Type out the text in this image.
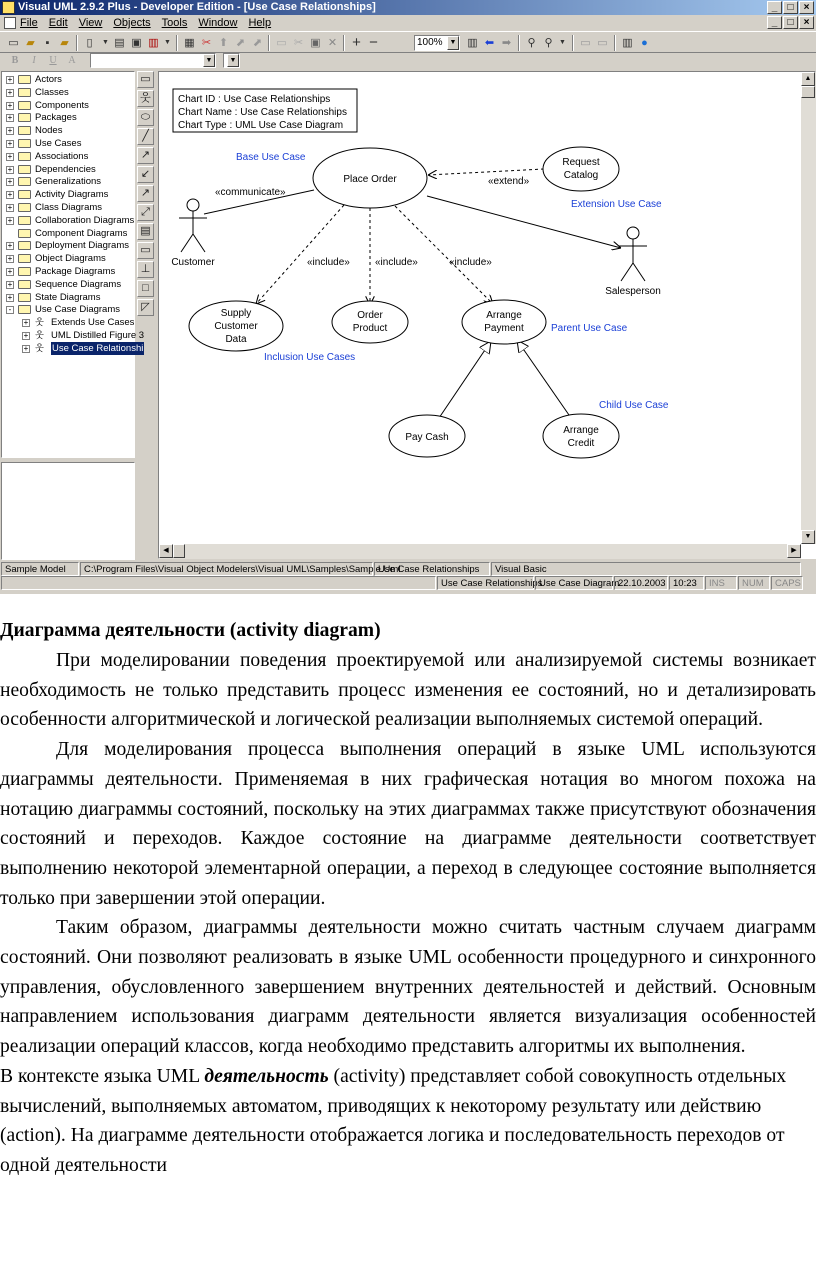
Visual UML 2.9.2 Plus - Developer Edition - [Use Case Relationships]	_	□	×
File Edit View Objects Tools Window Help	_	□	×
▭ ▰ ▪ ▰	▯	▼ ▤ ▣ ▥ ▼	▦ ✂ ⬆ ⬈ ⬈ ▭ ✂ ▣ ✕ + −	100% ▼ ▥ ⬅ ➡	⚲ ⚲ ▼	▭ ▭ ▥ ●
B	I	U	A	▼	▼
+ Actors
+ Classes
+ Components
+ Packages
+ Nodes
+ Use Cases
+ Associations
+ Dependencies
+ Generalizations
+ Activity Diagrams
+ Class Diagrams
+ Collaboration Diagrams
Component Diagrams
+ Deployment Diagrams
+ Object Diagrams
+ Package Diagrams
+ Sequence Diagrams
+ State Diagrams
- Use Case Diagrams
+ 웃 Extends Use Cases
+ 웃 UML Distilled Figure 3
+ 웃 Use Case Relationshi
▭
웃
⬭
╱
↗
↙
↗
⤢
▤
▭
⊥
□
◸
Chart ID : Use Case Relationships
Chart Name : Use Case Relationships
Chart Type : UML Use Case Diagram
Place Order
Request
Catalog
Supply
Customer
Data
Order
Product
Arrange
Payment
Pay Cash
Arrange
Credit
Customer
Salesperson
«communicate»
«extend»
«include»	«include»	«include»
Base Use Case
Extension Use Case
Inclusion Use Cases
Parent Use Case
Child Use Case
▲
▼
◀	▶
Sample Model	C:\Program Files\Visual Object Modelers\Visual UML\Samples\Sample.Uml
Use Case Relationships	Visual Basic
Use Case Relationships
Use Case Diagram
22.10.2003 10:23	INS	NUM	CAPS
Диаграмма деятельности (activity diagram)

При моделировании поведения проектируемой или анализируемой системы возникает необходимость не только представить процесс изменения ее состояний, но и детализировать особенности алгоритмической и логической реализации выполняемых системой операций.

Для моделирования процесса выполнения операций в языке UML используются диаграммы деятельности. Применяемая в них графическая нотация во многом похожа на нотацию диаграммы состояний, поскольку на этих диаграммах также присутствуют обозначения состояний и переходов. Каждое состояние на диаграмме деятельности соответствует выполнению некоторой элементарной операции, а переход в следующее состояние выполняется только при завершении этой операции.

Таким образом, диаграммы деятельности можно считать частным случаем диаграмм состояний. Они позволяют реализовать в языке UML особенности процедурного и синхронного управления, обусловленного завершением внутренних деятельностей и действий. Основным направлением использования диаграмм деятельности является визуализация особенностей реализации операций классов, когда необходимо представить алгоритмы их выполнения.

В контексте языка UML деятельность (activity) представляет собой совокупность отдельных вычислений, выполняемых автоматом, приводящих к некоторому результату или действию (action). На диаграмме деятельности отображается логика и последовательность переходов от одной деятельности
